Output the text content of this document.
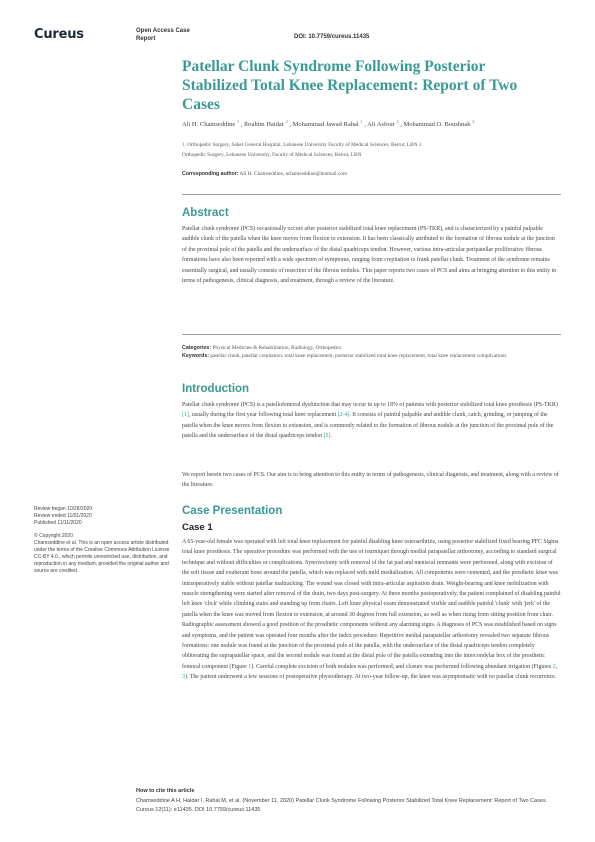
Cureus	Open Access Case
Report	DOI: 10.7759/cureus.11435
Patellar Clunk Syndrome Following Posterior Stabilized Total Knee Replacement: Report of Two Cases
Ali H. Chamseddine $^1$ , Ibrahim Haidar $^2$ , Mohammad Jawad Rahal $^1$ , Ali Asfour $^2$ , Mohammad O. Boushnak $^2$
1. Orthopedic Surgery, Sahel General Hospital, Lebanese University Faculty of Medical Sciences, Beirut, LBN 2.
Orthopedic Surgery, Lebanese University, Faculty of Medical Sciences, Beirut, LBN
Corresponding author: Ali H. Chamseddine, achamseddine@hotmail.com
Abstract
Patellar clunk syndrome (PCS) occasionally occurs after posterior stabilized total knee replacement (PS-TKR), and is characterized by a painful palpable audible clunk of the patella when the knee moves from flexion to extension. It has been classically attributed to the formation of fibrous nodule at the junction of the proximal pole of the patella and the undersurface of the distal quadriceps tendon. However, various intra-articular peripatellar proliferative fibrous formations have also been reported with a wide spectrum of symptoms, ranging from crepitation to frank patellar clunk. Treatment of the syndrome remains essentially surgical, and usually consists of resection of the fibrous nodules. This paper reports two cases of PCS and aims at bringing attention to this entity in terms of pathogenesis, clinical diagnosis, and treatment, through a review of the literature.
Categories: Physical Medicine & Rehabilitation, Radiology, Orthopedics
Keywords: patellar clunk, patellar crepitation, total knee replacement, posterior stabilized total knee replacement, total knee replacement complications
Introduction
Patellar clunk syndrome (PCS) is a patellofemoral dysfunction that may occur in up to 18% of patients with posterior stabilized total knee prosthesis (PS-TKR) [1], usually during the first year following total knee replacement [2-4]. It consists of painful palpable and audible clunk, catch, grinding, or jumping of the patella when the knee moves from flexion to extension, and is commonly related to the formation of fibrous nodule at the junction of the proximal pole of the patella and the undersurface of the distal quadriceps tendon [5].
We report herein two cases of PCS. Our aim is to bring attention to this entity in terms of pathogenesis, clinical diagnosis, and treatment, along with a review of the literature.
Case Presentation
Case 1
A 65-year-old female was operated with left total knee replacement for painful disabling knee osteoarthritis, using posterior stabilized fixed bearing PFC Sigma total knee prosthesis. The operative procedure was performed with the use of tourniquet through medial parapatellar arthrotomy, according to standard surgical technique and without difficulties or complications. Synovectomy with removal of the fat pad and meniscal remnants were performed, along with excision of the soft tissue and exuberant bone around the patella, which was replaced with mild medialization. All components were cemented, and the prosthetic knee was intraoperatively stable without patellar maltracking. The wound was closed with intra-articular aspiration drain. Weight-bearing and knee mobilization with muscle strengthening were started after removal of the drain, two days post-surgery. At three months postoperatively, the patient complained of disabling painful left knee 'click' while climbing stairs and standing up from chairs. Left knee physical exam demonstrated visible and audible painful 'clunk' with 'jerk' of the patella when the knee was moved from flexion to extension, at around 30 degrees from full extension, as well as when rising from sitting position from chair. Radiographic assessment showed a good position of the prosthetic components without any alarming signs. A diagnosis of PCS was established based on signs and symptoms, and the patient was operated four months after the index procedure. Repetitive medial parapatellar arthrotomy revealed two separate fibrous formations: one nodule was found at the junction of the proximal pole of the patella, with the undersurface of the distal quadriceps tendon completely obliterating the suprapatellar space, and the second nodule was found at the distal pole of the patella extending into the intercondylar box of the prosthetic femoral component (Figure 1). Careful complete excision of both nodules was performed, and closure was performed following abundant irrigation (Figures 2, 3). The patient underwent a few sessions of postoperative physiotherapy. At two-year follow-up, the knee was asymptomatic with no patellar clunk recurrence.
Review began 10/28/2020
Review ended 11/01/2020
Published 11/11/2020
© Copyright 2020
Chamseddine et al. This is an open access article distributed under the terms of the Creative Commons Attribution License CC-BY 4.0., which permits unrestricted use, distribution, and reproduction in any medium, provided the original author and source are credited.
How to cite this article
Chamseddine A H, Haidar I, Rahal M, et al. (November 11, 2020) Patellar Clunk Syndrome Following Posterior Stabilized Total Knee Replacement: Report of Two Cases. Cureus 12(11): e11435. DOI 10.7759/cureus.11435
